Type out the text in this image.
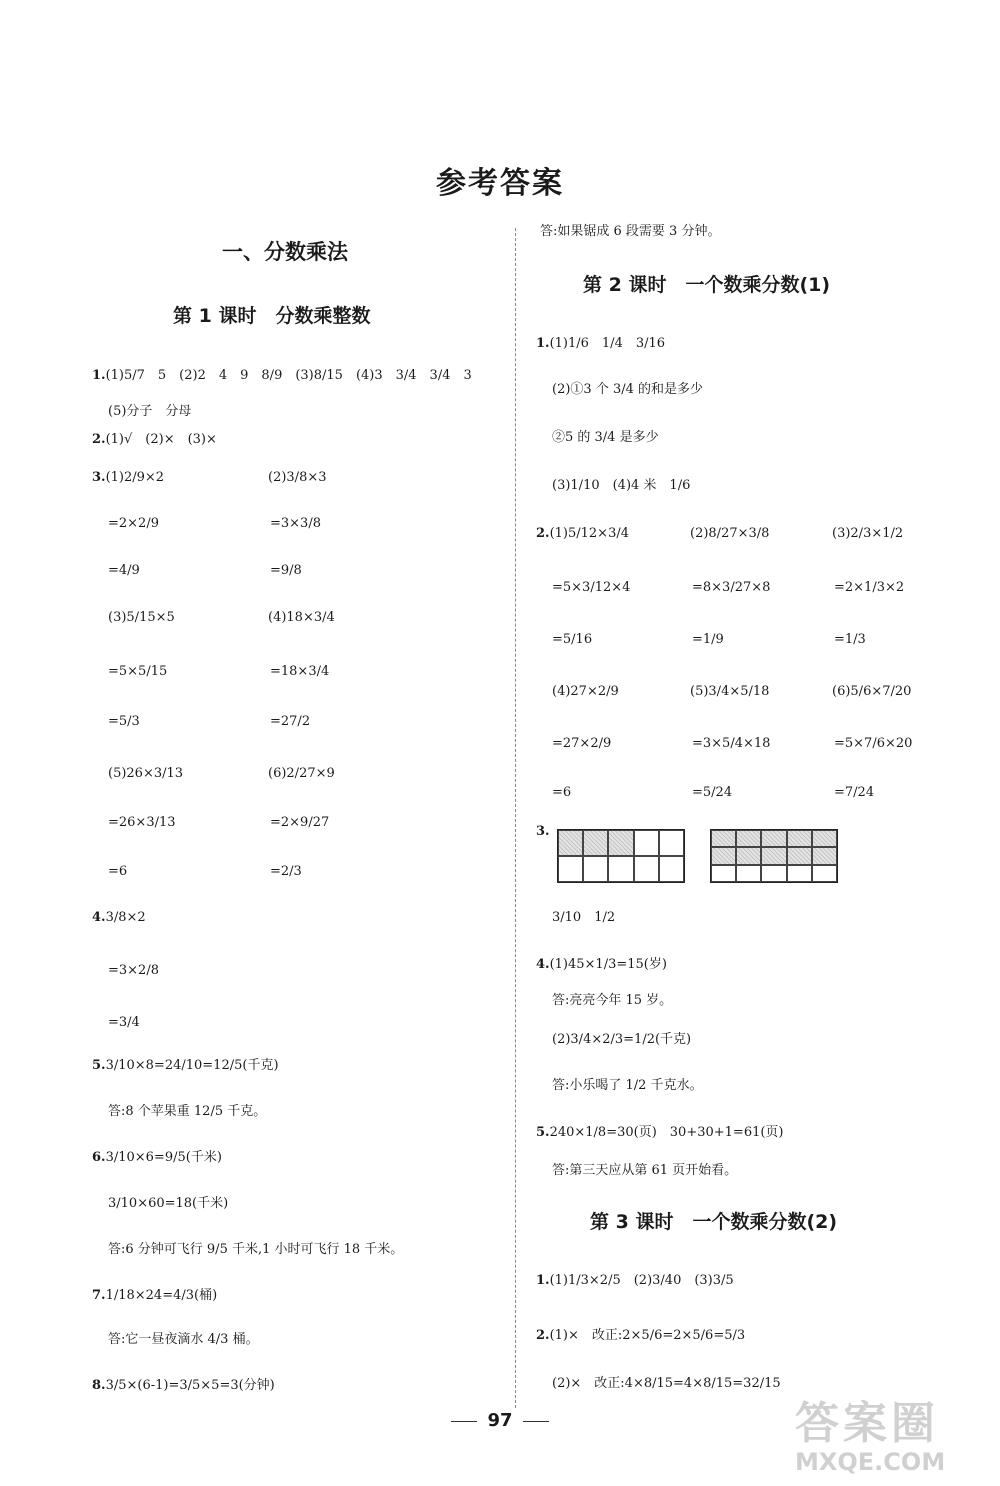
参考答案
一、分数乘法
第 1 课时　分数乘整数
第 2 课时　一个数乘分数(1)
第 3 课时　一个数乘分数(2)
1.(1)5/7　5　(2)2　4　9　8/9　(3)8/15　(4)3　3/4　3/4　3
(5)分子　分母
2.(1)√　(2)×　(3)×
3.(1)2/9×2	(2)3/8×3
=2×2/9	=3×3/8
=4/9	=9/8
(3)5/15×5	(4)18×3/4
=5×5/15	=18×3/4
=5/3	=27/2
(5)26×3/13	(6)2/27×9
=26×3/13	=2×9/27
=6	=2/3
4.3/8×2
=3×2/8
=3/4
5.3/10×8=24/10=12/5(千克)
答:8 个苹果重 12/5 千克。
6.3/10×6=9/5(千米)
3/10×60=18(千米)
答:6 分钟可飞行 9/5 千米,1 小时可飞行 18 千米。
7.1/18×24=4/3(桶)
答:它一昼夜滴水 4/3 桶。
8.3/5×(6-1)=3/5×5=3(分钟)
答:如果锯成 6 段需要 3 分钟。
1.(1)1/6　1/4　3/16
(2)①3 个 3/4 的和是多少
②5 的 3/4 是多少
(3)1/10　(4)4 米　1/6
2.(1)5/12×3/4	(2)8/27×3/8	(3)2/3×1/2
=5×3/12×4	=8×3/27×8	=2×1/3×2
=5/16	=1/9	=1/3
(4)27×2/9	(5)3/4×5/18	(6)5/6×7/20
=27×2/9	=3×5/4×18	=5×7/6×20
=6	=5/24	=7/24
3.
3/10　1/2
4.(1)45×1/3=15(岁)
答:亮亮今年 15 岁。
(2)3/4×2/3=1/2(千克)
答:小乐喝了 1/2 千克水。
5.240×1/8=30(页)　30+30+1=61(页)
答:第三天应从第 61 页开始看。
1.(1)1/3×2/5　(2)3/40　(3)3/5
2.(1)×　改正:2×5/6=2×5/6=5/3
(2)×　改正:4×8/15=4×8/15=32/15
97	答案圈
MXQE.COM
